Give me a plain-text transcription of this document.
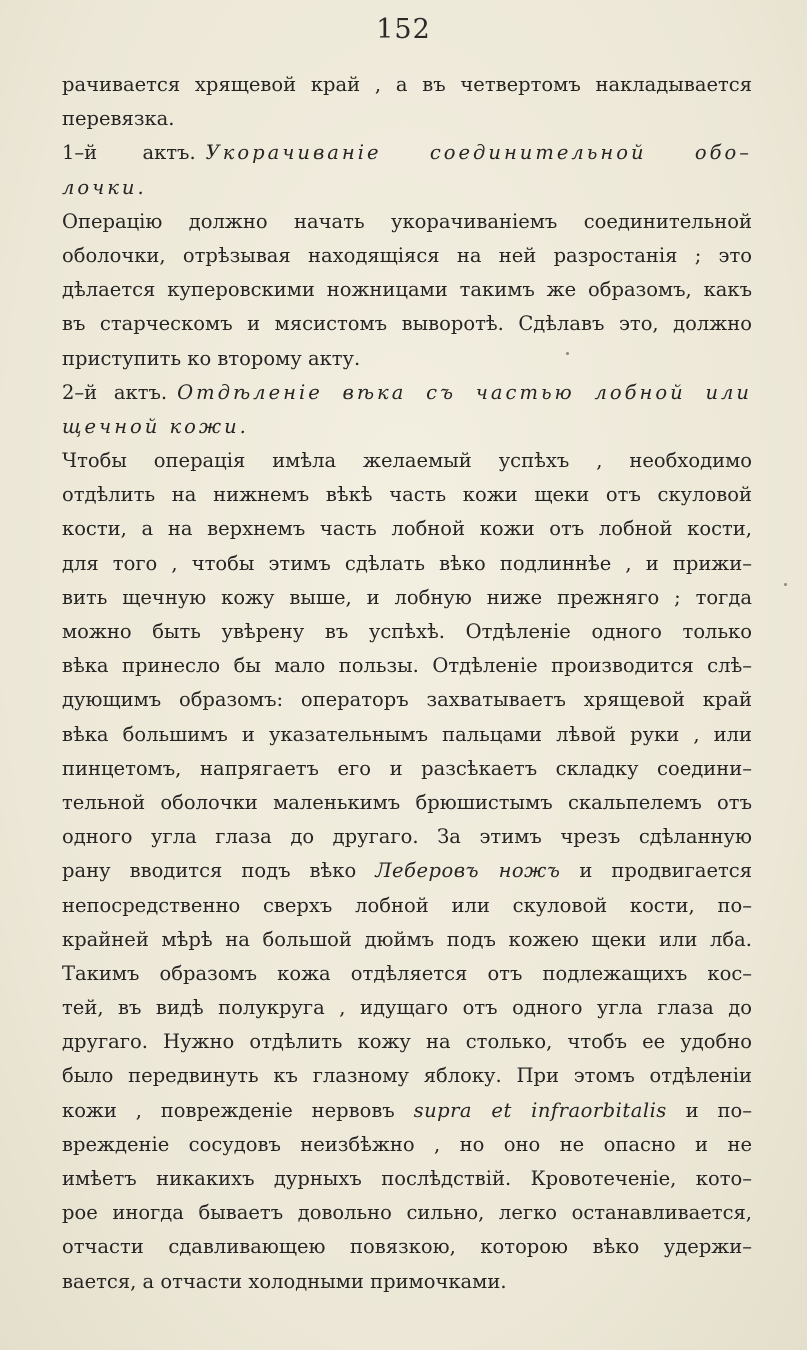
152
рачивается хрящевой край , а въ четвертомъ накладывается
перевязка.
1–й актъ. Укорачиваніе соединительной обо–
лочки.
Операцію должно начать укорачиваніемъ соединительной
оболочки, отрѣзывая находящіяся на ней разростанія ; это
дѣлается куперовскими ножницами такимъ же образомъ, какъ
въ старческомъ и мясистомъ выворотѣ. Сдѣлавъ это, должно
приступить ко второму акту.
2–й актъ. Отдѣленіе вѣка съ частью лобной или
щечной кожи.
Чтобы операція имѣла желаемый успѣхъ , необходимо
отдѣлить на нижнемъ вѣкѣ часть кожи щеки отъ скуловой
кости, а на верхнемъ часть лобной кожи отъ лобной кости,
для того , чтобы этимъ сдѣлать вѣко подлиннѣе , и прижи–
вить щечную кожу выше, и лобную ниже прежняго ; тогда
можно быть увѣрену въ успѣхѣ. Отдѣленіе одного только
вѣка принесло бы мало пользы. Отдѣленіе производится слѣ–
дующимъ образомъ: операторъ захватываетъ хрящевой край
вѣка большимъ и указательнымъ пальцами лѣвой руки , или
пинцетомъ, напрягаетъ его и разсѣкаетъ складку соедини–
тельной оболочки маленькимъ брюшистымъ скальпелемъ отъ
одного угла глаза до другаго. За этимъ чрезъ сдѣланную
рану вводится подъ вѣко Леберовъ ножъ и продвигается
непосредственно сверхъ лобной или скуловой кости, по–
крайней мѣрѣ на большой дюймъ подъ кожею щеки или лба.
Такимъ образомъ кожа отдѣляется отъ подлежащихъ кос–
тей, въ видѣ полукруга , идущаго отъ одного угла глаза до
другаго. Нужно отдѣлить кожу на столько, чтобъ ее удобно
было передвинуть къ глазному яблоку. При этомъ отдѣленіи
кожи , поврежденіе нервовъ supra et infraorbitalis и по–
врежденіе сосудовъ неизбѣжно , но оно не опасно и не
имѣетъ никакихъ дурныхъ послѣдствій. Кровотеченіе, кото–
рое иногда бываетъ довольно сильно, легко останавливается,
отчасти сдавливающею повязкою, которою вѣко удержи–
вается, а отчасти холодными примочками.
